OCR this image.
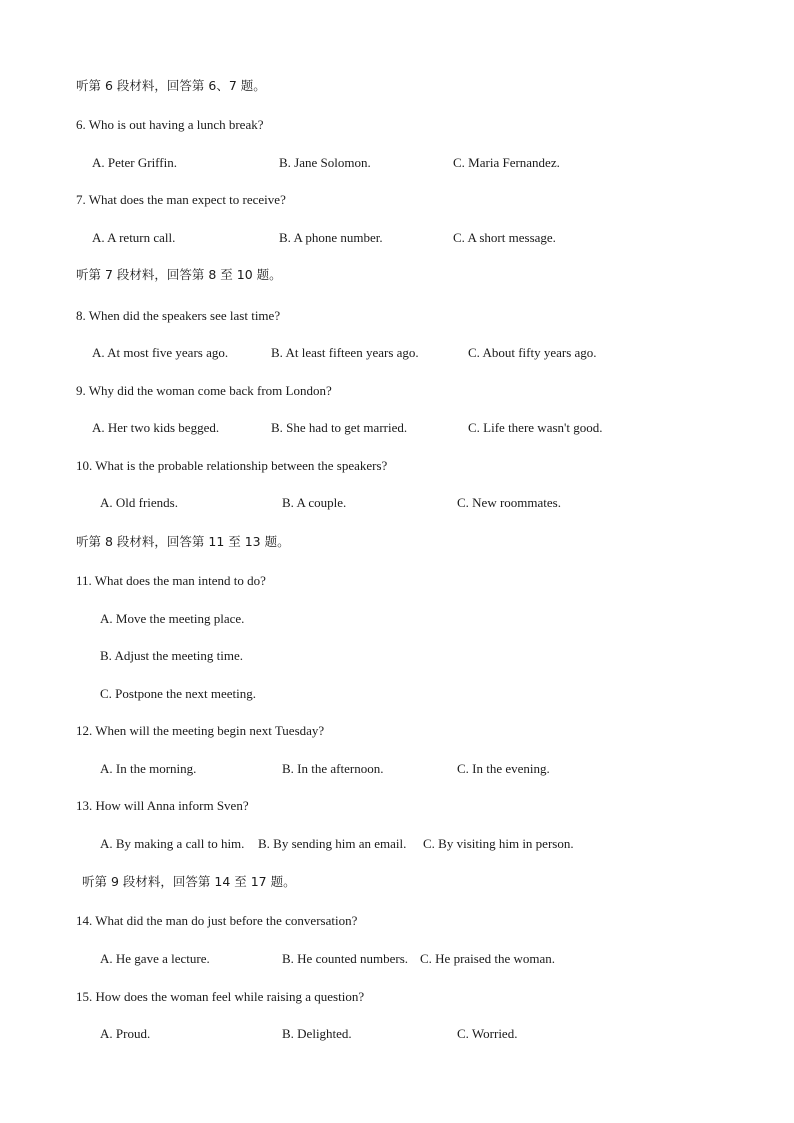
听第 6 段材料，回答第 6、7 题。
6. Who is out having a lunch break?
A. Peter Griffin.	B. Jane Solomon.	C. Maria Fernandez.
7. What does the man expect to receive?
A. A return call.	B. A phone number.	C. A short message.
听第 7 段材料，回答第 8 至 10 题。
8. When did the speakers see last time?
A. At most five years ago.	B. At least fifteen years ago.	C. About fifty years ago.
9. Why did the woman come back from London?
A. Her two kids begged.	B. She had to get married.	C. Life there wasn't good.
10. What is the probable relationship between the speakers?
A. Old friends.	B. A couple.	C. New roommates.
听第 8 段材料，回答第 11 至 13 题。
11. What does the man intend to do?
A. Move the meeting place.
B. Adjust the meeting time.
C. Postpone the next meeting.
12. When will the meeting begin next Tuesday?
A. In the morning.	B. In the afternoon.	C. In the evening.
13. How will Anna inform Sven?
A. By making a call to him. B. By sending him an email. C. By visiting him in person.
听第 9 段材料，回答第 14 至 17 题。
14. What did the man do just before the conversation?
A. He gave a lecture.	B. He counted numbers. C. He praised the woman.
15. How does the woman feel while raising a question?
A. Proud.	B. Delighted.	C. Worried.
